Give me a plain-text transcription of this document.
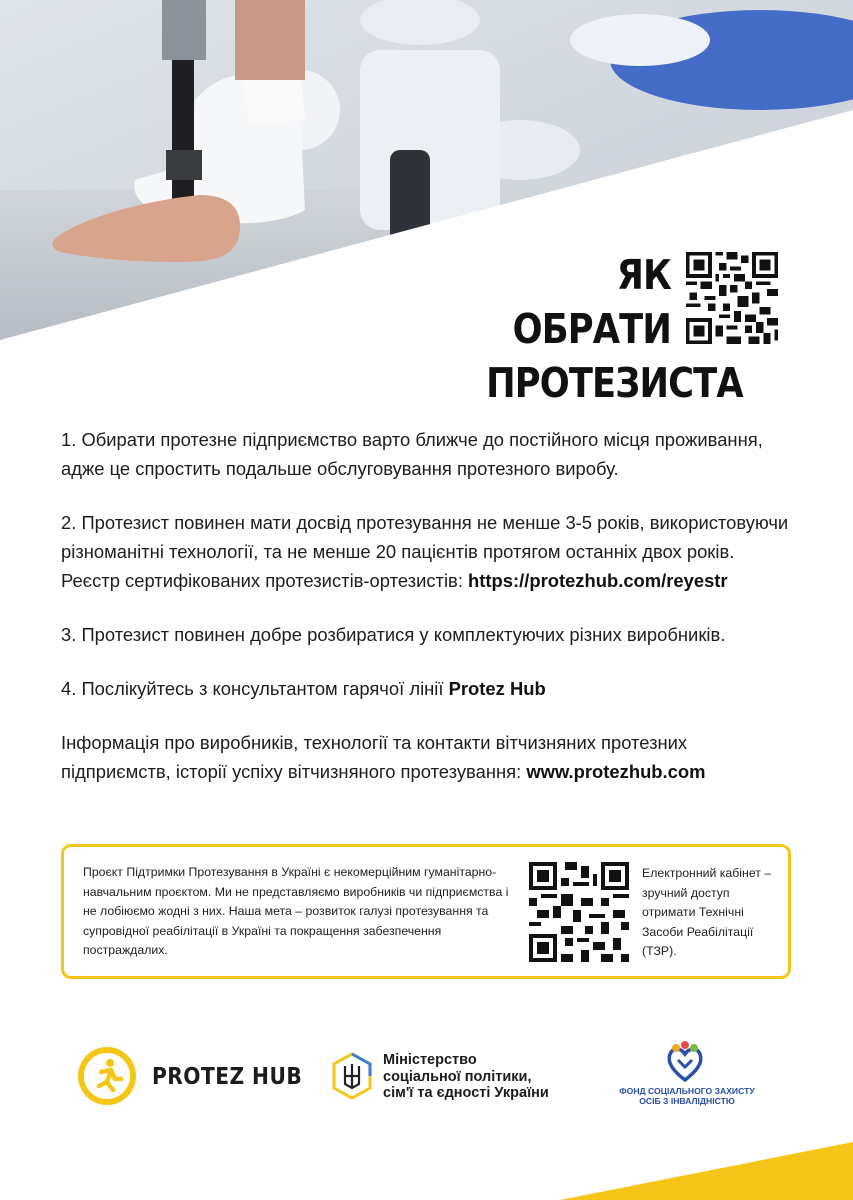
ЯК ОБРАТИ
ПРОТЕЗИСТА

1. Обирати протезне підприємство варто ближче до постійного місця проживання, адже це спростить подальше обслуговування протезного виробу.

2. Протезист повинен мати досвід протезування не менше 3-5 років, використовуючи різноманітні технології, та не менше 20 пацієнтів протягом останніх двох років.

Реєстр сертифікованих протезистів-ортезистів: https://protezhub.com/reyestr

3. Протезист повинен добре розбиратися у комплектуючих різних виробників.

4. Послікуйтесь з консультантом гарячої лінії Protez Hub

Інформація про виробників, технології та контакти вітчизняних протезних підприємств, історії успіху вітчизняного протезування: www.protezhub.com

Проєкт Підтримки Протезування в Україні є некомерційним гуманітарно-навчальним проєктом. Ми не представляємо виробників чи підприємства і не лобіюємо жодні з них. Наша мета – розвиток галузі протезування та супровідної реабілітації в Україні та покращення забезпечення постраждалих.
Електронний кабінет – зручний доступ отримати Технічні Засоби Реабілітації (ТЗР).
PROTEZ HUB
Міністерство
соціальної політики,
сім'ї та єдності України	ФОНД СОЦІАЛЬНОГО ЗАХИСТУ
ОСІБ З ІНВАЛІДНІСТЮ
